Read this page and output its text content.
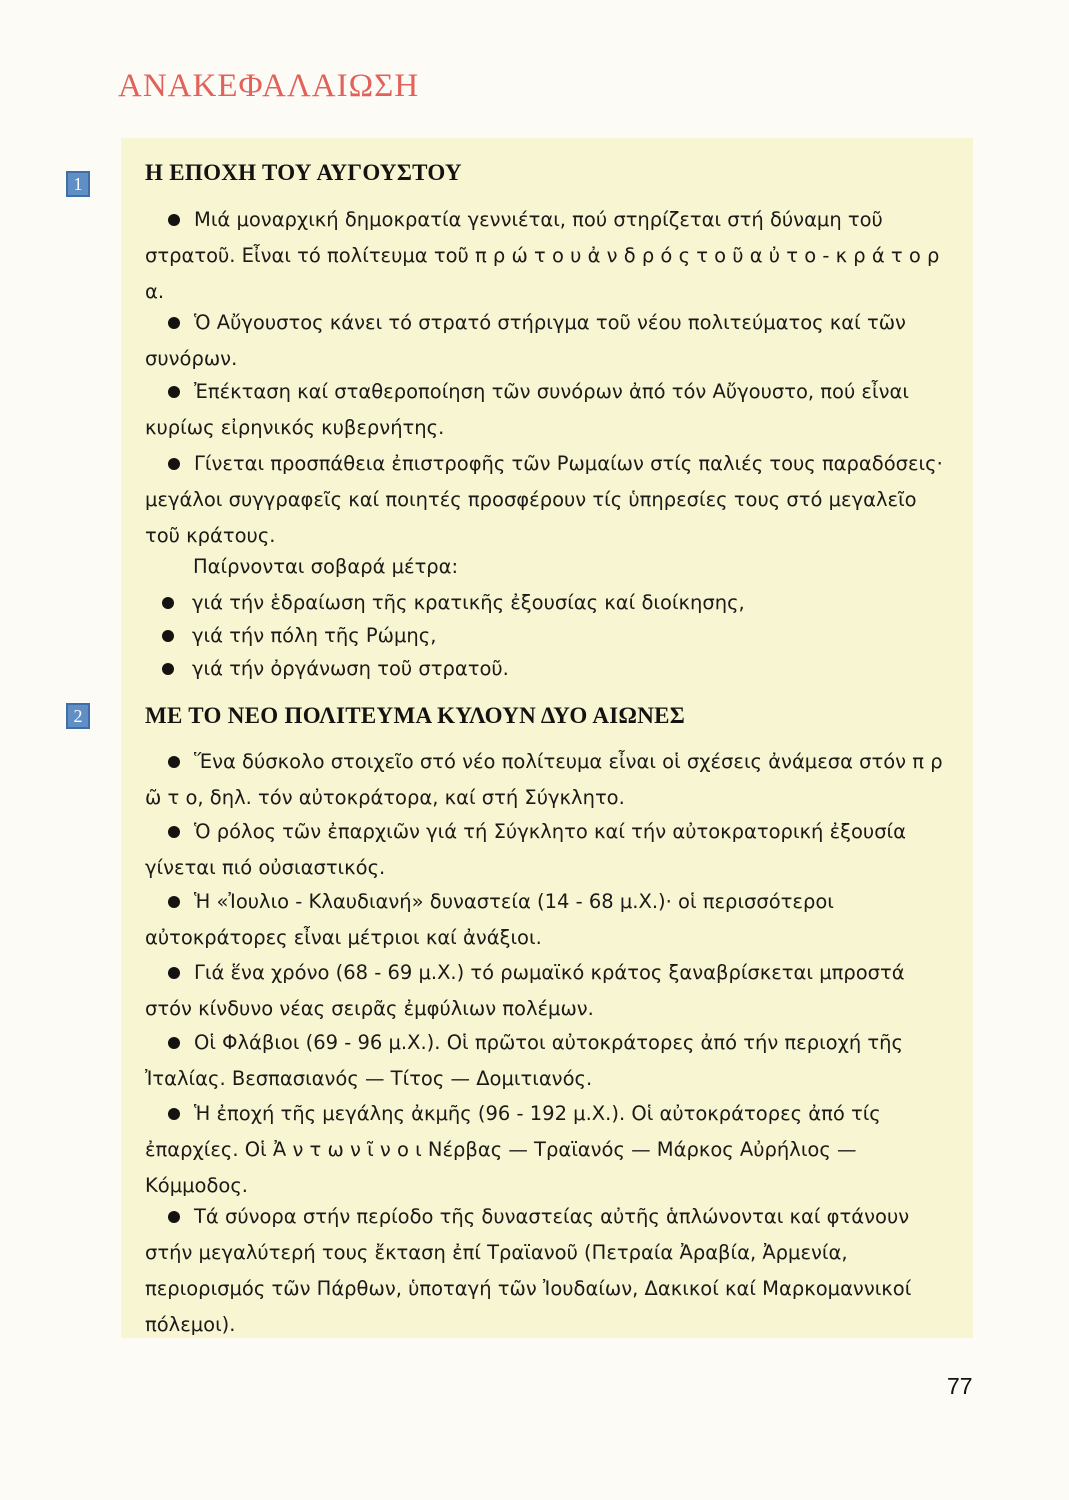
ΑΝΑΚΕΦΑΛΑΙΩΣΗ
1	Η ΕΠΟΧΗ ΤΟΥ ΑΥΓΟΥΣΤΟΥ

Μιά μοναρχική δημοκρατία γεννιέται, πού στηρίζεται στή δύναμη τοῦ στρατοῦ. Εἶναι τό πολίτευμα τοῦ π ρ ώ τ ο υ ἀ ν δ ρ ό ς τ ο ῦ α ὐ τ ο - κ ρ ά τ ο ρ α.

Ὁ Αὔγουστος κάνει τό στρατό στήριγμα τοῦ νέου πολιτεύματος καί τῶν συνόρων.

Ἐπέκταση καί σταθεροποίηση τῶν συνόρων ἀπό τόν Αὔγουστο, πού εἶναι κυρίως εἰρηνικός κυβερνήτης.

Γίνεται προσπάθεια ἐπιστροφῆς τῶν Ρωμαίων στίς παλιές τους παραδόσεις· μεγάλοι συγγραφεῖς καί ποιητές προσφέρουν τίς ὑπηρεσίες τους στό μεγαλεῖο τοῦ κράτους.

Παίρνονται σοβαρά μέτρα:
γιά τήν ἑδραίωση τῆς κρατικῆς ἐξουσίας καί διοίκησης,
γιά τήν πόλη τῆς Ρώμης,
γιά τήν ὀργάνωση τοῦ στρατοῦ.
2	ΜΕ ΤΟ ΝΕΟ ΠΟΛΙΤΕΥΜΑ ΚΥΛΟΥΝ ΔΥΟ ΑΙΩΝΕΣ

Ἕνα δύσκολο στοιχεῖο στό νέο πολίτευμα εἶναι οἱ σχέσεις ἀνάμεσα στόν π ρ ῶ τ ο, δηλ. τόν αὐτοκράτορα, καί στή Σύγκλητο.

Ὁ ρόλος τῶν ἐπαρχιῶν γιά τή Σύγκλητο καί τήν αὐτοκρατορική ἐξουσία γίνεται πιό οὐσιαστικός.

Ἡ «Ἰουλιο - Κλαυδιανή» δυναστεία (14 - 68 μ.Χ.)· οἱ περισσότεροι αὐτοκράτορες εἶναι μέτριοι καί ἀνάξιοι.

Γιά ἕνα χρόνο (68 - 69 μ.Χ.) τό ρωμαϊκό κράτος ξαναβρίσκεται μπροστά στόν κίνδυνο νέας σειρᾶς ἐμφύλιων πολέμων.

Οἱ Φλάβιοι (69 - 96 μ.Χ.). Οἱ πρῶτοι αὐτοκράτορες ἀπό τήν περιοχή τῆς Ἰταλίας. Βεσπασιανός — Τίτος — Δομιτιανός.

Ἡ ἐποχή τῆς μεγάλης ἀκμῆς (96 - 192 μ.Χ.). Οἱ αὐτοκράτορες ἀπό τίς ἐπαρχίες. Οἱ Ἀ ν τ ω ν ῖ ν ο ι Νέρβας — Τραϊανός — Μάρκος Αὐρήλιος — Κόμμοδος.

Τά σύνορα στήν περίοδο τῆς δυναστείας αὐτῆς ἁπλώνονται καί φτάνουν στήν μεγαλύτερή τους ἔκταση ἐπί Τραϊανοῦ (Πετραία Ἀραβία, Ἀρμενία, περιορισμός τῶν Πάρθων, ὑποταγή τῶν Ἰουδαίων, Δακικοί καί Μαρκομαννικοί πόλεμοι).

77
